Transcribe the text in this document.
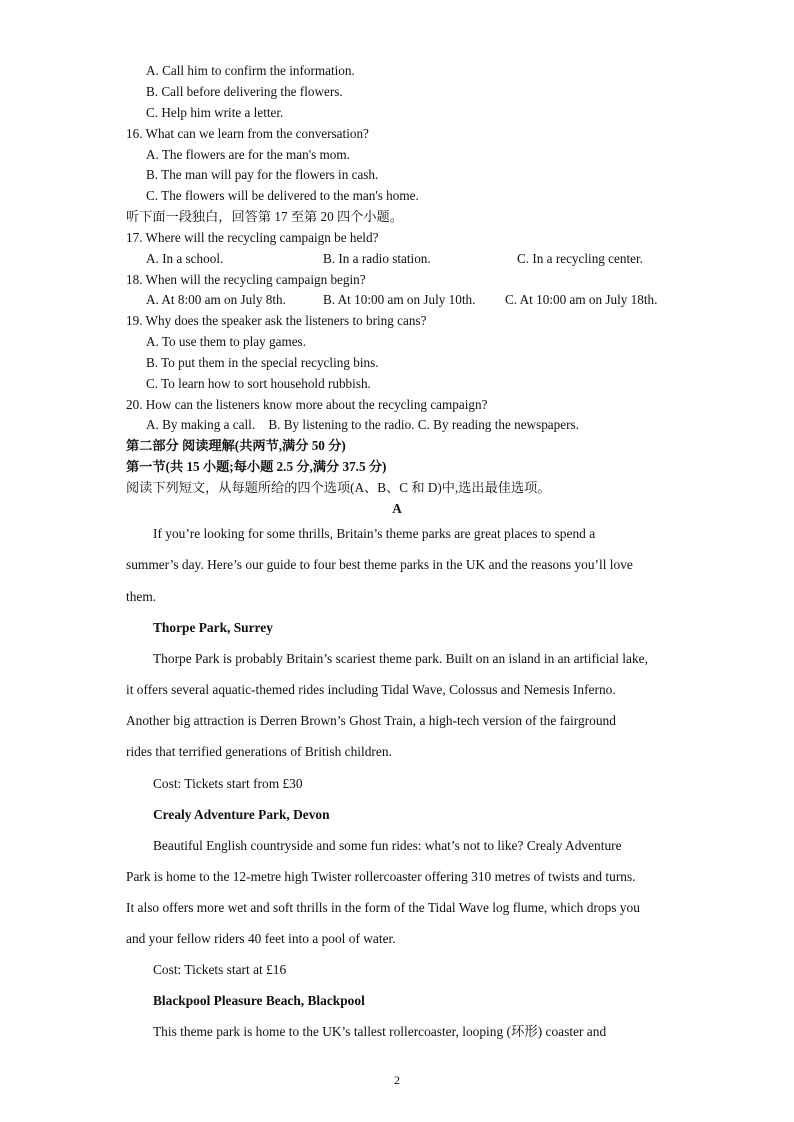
A. Call him to confirm the information.
B. Call before delivering the flowers.
C. Help him write a letter.
16. What can we learn from the conversation?
A. The flowers are for the man's mom.
B. The man will pay for the flowers in cash.
C. The flowers will be delivered to the man's home.
听下面一段独白，回答第 17 至第 20 四个小题。
17. Where will the recycling campaign be held?
A. In a school.	B. In a radio station.	C. In a recycling center.
18. When will the recycling campaign begin?
A. At 8:00 am on July 8th.	B. At 10:00 am on July 10th. C. At 10:00 am on July 18th.
19. Why does the speaker ask the listeners to bring cans?
A. To use them to play games.
B. To put them in the special recycling bins.
C. To learn how to sort household rubbish.
20. How can the listeners know more about the recycling campaign?
A. By making a call.    B. By listening to the radio. C. By reading the newspapers.
第二部分 阅读理解(共两节,满分 50 分)
第一节(共 15 小题;每小题 2.5 分,满分 37.5 分)
阅读下列短文，从每题所给的四个选项(A、B、C 和 D)中,选出最佳选项。
A
If you’re looking for some thrills, Britain’s theme parks are great places to spend a
summer’s day. Here’s our guide to four best theme parks in the UK and the reasons you’ll love
them.
Thorpe Park, Surrey
Thorpe Park is probably Britain’s scariest theme park. Built on an island in an artificial lake,
it offers several aquatic-themed rides including Tidal Wave, Colossus and Nemesis Inferno.
Another big attraction is Derren Brown’s Ghost Train, a high-tech version of the fairground
rides that terrified generations of British children.
Cost: Tickets start from £30
Crealy Adventure Park, Devon
Beautiful English countryside and some fun rides: what’s not to like? Crealy Adventure
Park is home to the 12-metre high Twister rollercoaster offering 310 metres of twists and turns.
It also offers more wet and soft thrills in the form of the Tidal Wave log flume, which drops you
and your fellow riders 40 feet into a pool of water.
Cost: Tickets start at £16
Blackpool Pleasure Beach, Blackpool
This theme park is home to the UK’s tallest rollercoaster, looping (环形) coaster and
2
